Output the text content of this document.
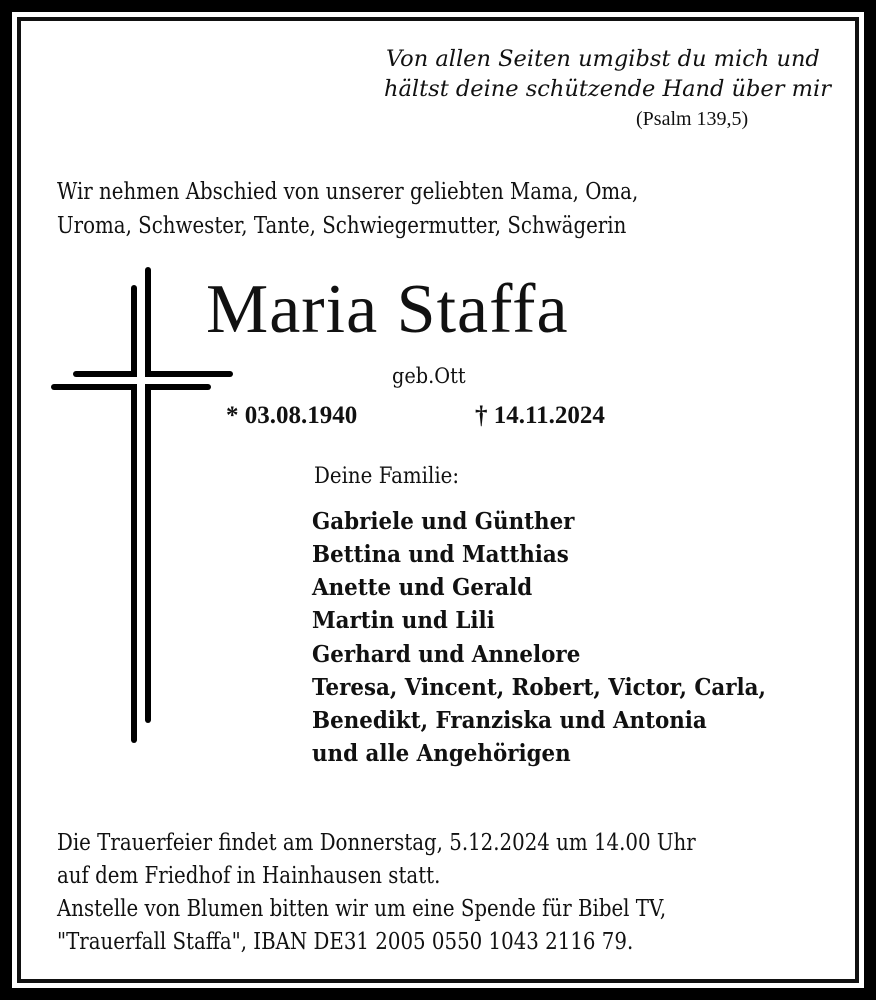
Von allen Seiten umgibst du mich und
hältst deine schützende Hand über mir
(Psalm 139,5)
Wir nehmen Abschied von unserer geliebten Mama, Oma,
Uroma, Schwester, Tante, Schwiegermutter, Schwägerin
Maria Staffa
geb.Ott
* 03.08.1940	† 14.11.2024
Deine Familie:
Gabriele und Günther
Bettina und Matthias
Anette und Gerald
Martin und Lili
Gerhard und Annelore
Teresa, Vincent, Robert, Victor, Carla,
Benedikt, Franziska und Antonia
und alle Angehörigen
Die Trauerfeier findet am Donnerstag, 5.12.2024 um 14.00 Uhr
auf dem Friedhof in Hainhausen statt.
Anstelle von Blumen bitten wir um eine Spende für Bibel TV,
"Trauerfall Staffa", IBAN DE31 2005 0550 1043 2116 79.
